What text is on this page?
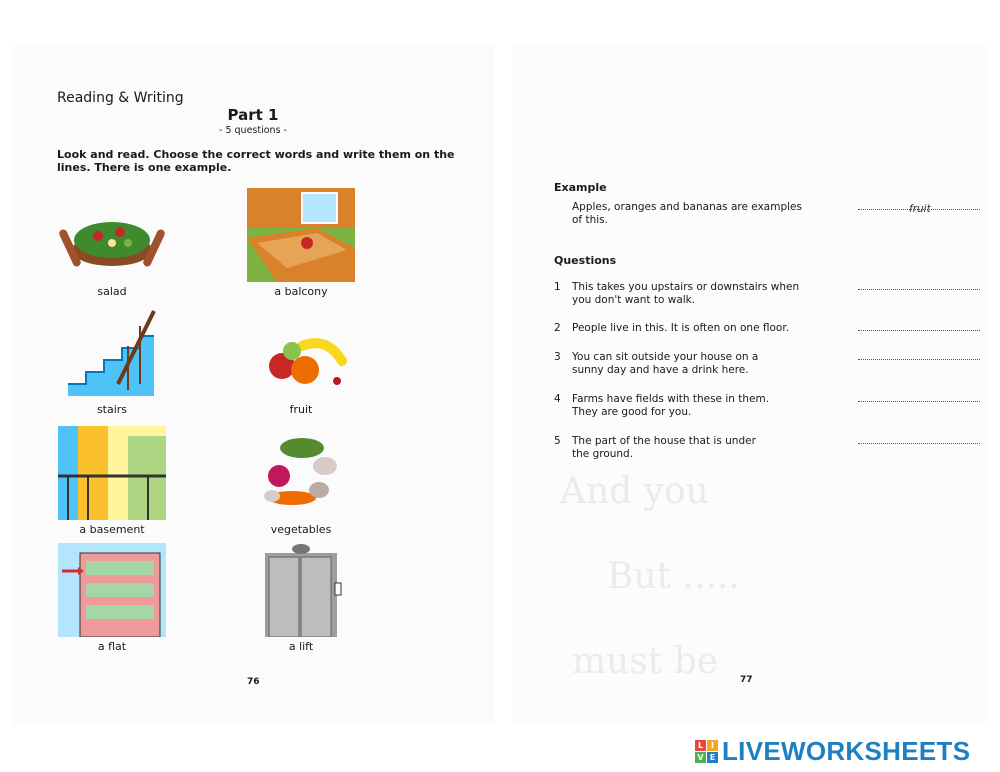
Reading & Writing
Part 1
- 5 questions -
Look and read. Choose the correct words and write them on the lines. There is one example.
salad	a balcony
stairs	fruit
a basement	vegetables
a flat	a lift
76
And you
But .....
must be
Example
Apples, oranges and bananas are examples of this.
fruit
Questions
1 This takes you upstairs or downstairs when you don't want to walk.
2 People live in this. It is often on one floor.
3 You can sit outside your house on a sunny day and have a drink here.
4 Farms have fields with these in them. They are good for you.
5 The part of the house that is under the ground.
77
L I
V E LIVEWORKSHEETS
